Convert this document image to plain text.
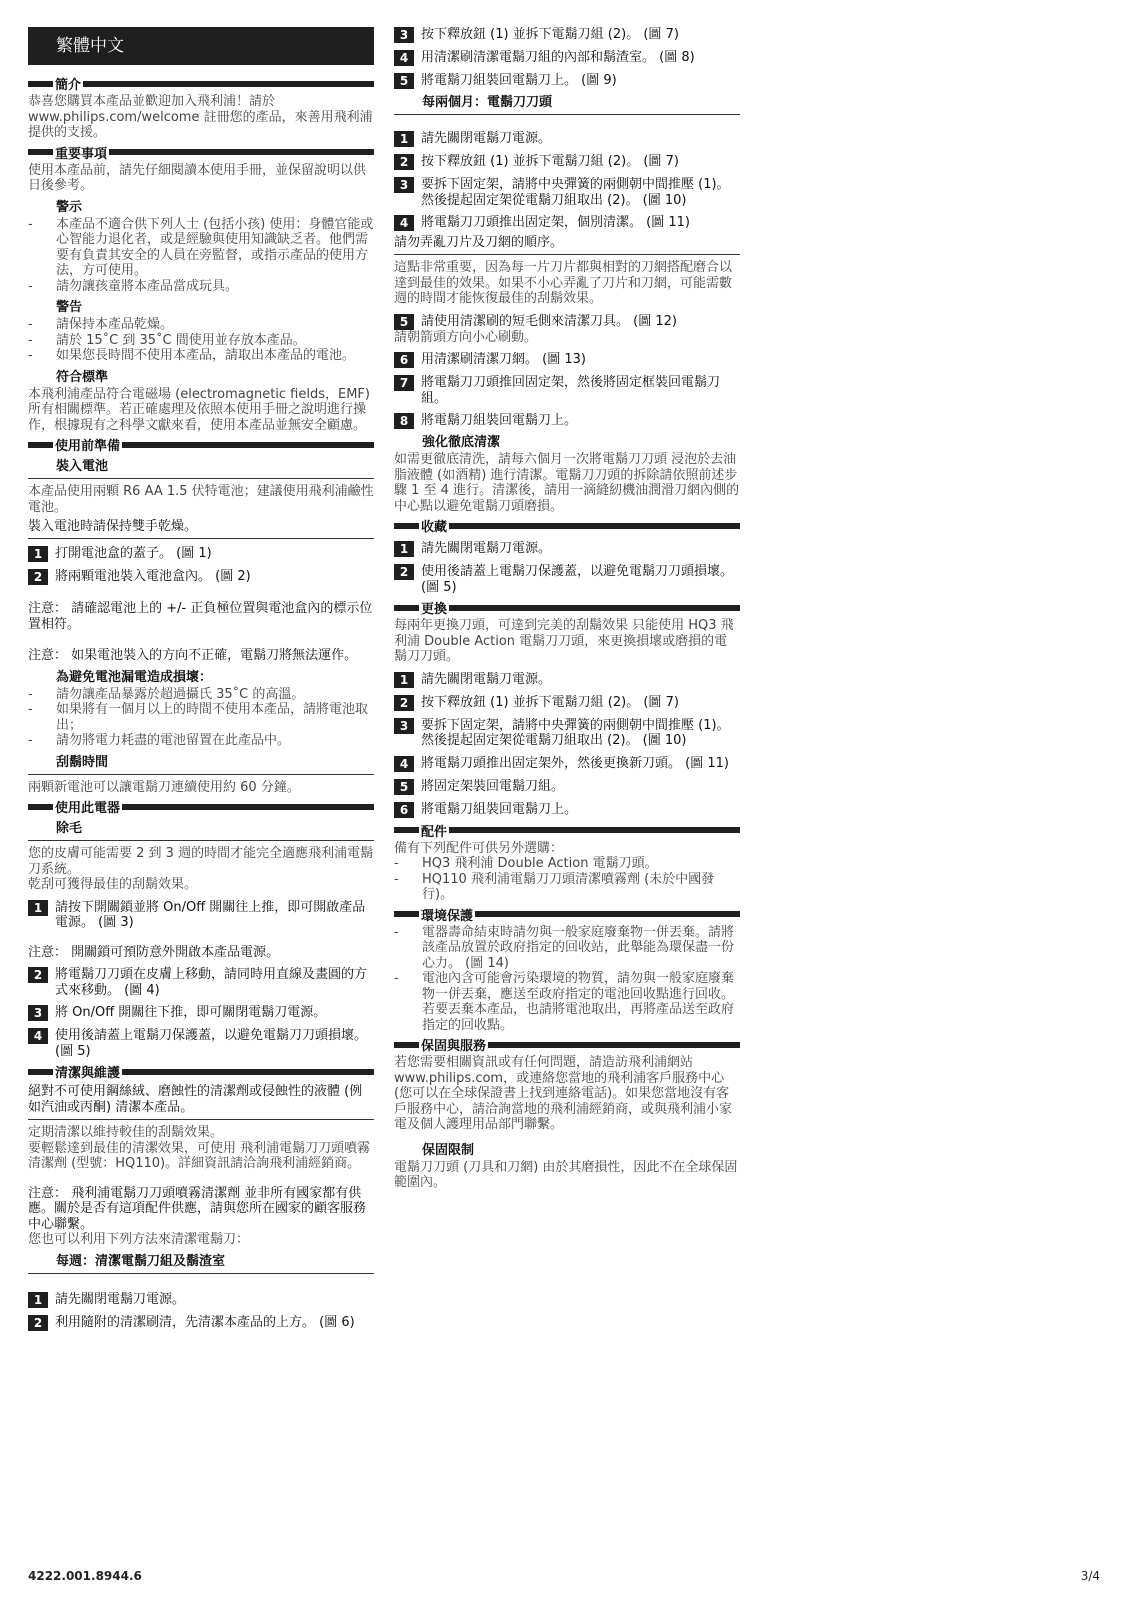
繁體中文
簡介
恭喜您購買本產品並歡迎加入飛利浦！請於 www.philips.com/welcome 註冊您的產品，來善用飛利浦提供的支援。
重要事項
使用本產品前，請先仔細閱讀本使用手冊，並保留說明以供日後參考。
警示
-	本產品不適合供下列人士 (包括小孩) 使用：身體官能或心智能力退化者，或是經驗與使用知識缺乏者。他們需要有負責其安全的人員在旁監督，或指示產品的使用方法，方可使用。
-	請勿讓孩童將本產品當成玩具。
警告
-	請保持本產品乾燥。
-	請於 15˚C 到 35˚C 間使用並存放本產品。
-	如果您長時間不使用本產品，請取出本產品的電池。
符合標準
本飛利浦產品符合電磁場 (electromagnetic fields，EMF) 所有相關標準。若正確處理及依照本使用手冊之說明進行操作，根據現有之科學文獻來看，使用本產品並無安全顧慮。
使用前準備
裝入電池
本產品使用兩顆 R6 AA 1.5 伏特電池；建議使用飛利浦鹼性電池。
裝入電池時請保持雙手乾燥。
1 打開電池盒的蓋子。 (圖 1)
2 將兩顆電池裝入電池盒內。 (圖 2)
注意： 請確認電池上的 +/- 正負極位置與電池盒內的標示位置相符。
注意： 如果電池裝入的方向不正確，電鬍刀將無法運作。
為避免電池漏電造成損壞：
-	請勿讓產品暴露於超過攝氏 35˚C 的高溫。
-	如果將有一個月以上的時間不使用本產品，請將電池取出；
-	請勿將電力耗盡的電池留置在此產品中。
刮鬍時間
兩顆新電池可以讓電鬍刀連續使用約 60 分鐘。
使用此電器
除毛
您的皮膚可能需要 2 到 3 週的時間才能完全適應飛利浦電鬍刀系統。
乾刮可獲得最佳的刮鬍效果。
1 請按下開關鎖並將 On/Off 開關往上推，即可開啟產品電源。 (圖 3)
注意： 開關鎖可預防意外開啟本產品電源。
2 將電鬍刀刀頭在皮膚上移動，請同時用直線及畫圓的方式來移動。 (圖 4)
3 將 On/Off 開關往下推，即可關閉電鬍刀電源。
4 使用後請蓋上電鬍刀保護蓋，以避免電鬍刀刀頭損壞。 (圖 5)
清潔與維護
絕對不可使用鋼絲絨、磨蝕性的清潔劑或侵蝕性的液體 (例如汽油或丙酮) 清潔本產品。
定期清潔以維持較佳的刮鬍效果。
要輕鬆達到最佳的清潔效果，可使用 飛利浦電鬍刀刀頭噴霧清潔劑 (型號：HQ110)。詳細資訊請洽詢飛利浦經銷商。
注意： 飛利浦電鬍刀刀頭噴霧清潔劑 並非所有國家都有供應。關於是否有這項配件供應，請與您所在國家的顧客服務中心聯繫。
您也可以利用下列方法來清潔電鬍刀：
每週：清潔電鬍刀組及鬍渣室
1 請先關閉電鬍刀電源。
2 利用隨附的清潔刷清，先清潔本產品的上方。 (圖 6)
3 按下釋放鈕 (1) 並拆下電鬍刀組 (2)。 (圖 7)
4 用清潔刷清潔電鬍刀組的內部和鬍渣室。 (圖 8)
5 將電鬍刀組裝回電鬍刀上。 (圖 9)
每兩個月：電鬍刀刀頭
1 請先關閉電鬍刀電源。
2 按下釋放鈕 (1) 並拆下電鬍刀組 (2)。 (圖 7)
3 要拆下固定架，請將中央彈簧的兩側朝中間推壓 (1)。然後提起固定架從電鬍刀組取出 (2)。 (圖 10)
4 將電鬍刀刀頭推出固定架，個別清潔。 (圖 11)
請勿弄亂刀片及刀網的順序。
這點非常重要，因為每一片刀片都與相對的刀網搭配磨合以達到最佳的效果。如果不小心弄亂了刀片和刀網，可能需數週的時間才能恢復最佳的刮鬍效果。
5 請使用清潔刷的短毛側來清潔刀具。 (圖 12)
請朝箭頭方向小心刷動。
6 用清潔刷清潔刀網。 (圖 13)
7 將電鬍刀刀頭推回固定架，然後將固定框裝回電鬍刀組。
8 將電鬍刀組裝回電鬍刀上。
強化徹底清潔
如需更徹底清洗，請每六個月一次將電鬍刀刀頭 浸泡於去油脂液體 (如酒精) 進行清潔。電鬍刀刀頭的拆除請依照前述步驟 1 至 4 進行。清潔後，請用一滴縫紉機油潤滑刀網內側的中心點以避免電鬍刀頭磨損。
收藏
1 請先關閉電鬍刀電源。
2 使用後請蓋上電鬍刀保護蓋，以避免電鬍刀刀頭損壞。 (圖 5)
更換
每兩年更換刀頭，可達到完美的刮鬍效果 只能使用 HQ3 飛利浦 Double Action 電鬍刀刀頭，來更換損壞或磨損的電鬍刀刀頭。
1 請先關閉電鬍刀電源。
2 按下釋放鈕 (1) 並拆下電鬍刀組 (2)。 (圖 7)
3 要拆下固定架，請將中央彈簧的兩側朝中間推壓 (1)。然後提起固定架從電鬍刀組取出 (2)。 (圖 10)
4 將電鬍刀頭推出固定架外，然後更換新刀頭。 (圖 11)
5 將固定架裝回電鬍刀組。
6 將電鬍刀組裝回電鬍刀上。
配件
備有下列配件可供另外選購：
-	HQ3 飛利浦 Double Action 電鬍刀頭。
-	HQ110 飛利浦電鬍刀刀頭清潔噴霧劑 (未於中國發行)。
環境保護
-	電器壽命結束時請勿與一般家庭廢棄物一併丟棄。請將該產品放置於政府指定的回收站，此舉能為環保盡一份心力。 (圖 14)
-	電池內含可能會污染環境的物質，請勿與一般家庭廢棄物一併丟棄，應送至政府指定的電池回收點進行回收。若要丟棄本產品，也請將電池取出，再將產品送至政府指定的回收點。
保固與服務
若您需要相關資訊或有任何問題，請造訪飛利浦網站 www.philips.com，或連絡您當地的飛利浦客戶服務中心 (您可以在全球保證書上找到連絡電話)。如果您當地沒有客戶服務中心，請洽詢當地的飛利浦經銷商，或與飛利浦小家電及個人護理用品部門聯繫。
保固限制
電鬍刀刀頭 (刀具和刀網) 由於其磨損性，因此不在全球保固範圍內。
4222.001.8944.6	3/4
